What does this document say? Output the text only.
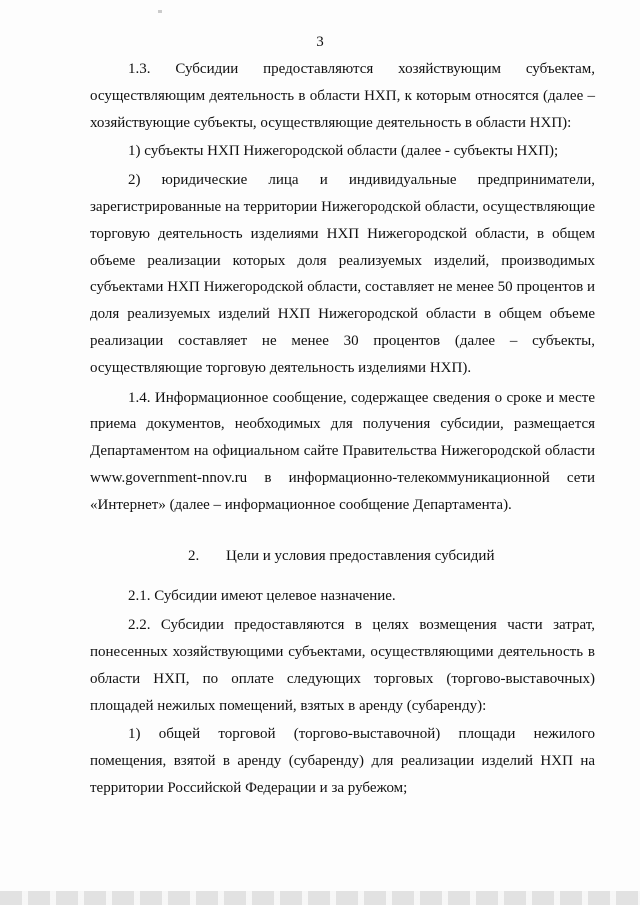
3

1.3. Субсидии предоставляются хозяйствующим субъектам, осуществляющим деятельность в области НХП, к которым относятся (далее – хозяйствующие субъекты, осуществляющие деятельность в области НХП):

1) субъекты НХП Нижегородской области (далее - субъекты НХП);

2) юридические лица и индивидуальные предприниматели, зарегистрированные на территории Нижегородской области, осуществляющие торговую деятельность изделиями НХП Нижегородской области, в общем объеме реализации которых доля реализуемых изделий, производимых субъектами НХП Нижегородской области, составляет не менее 50 процентов и доля реализуемых изделий НХП Нижегородской области в общем объеме реализации составляет не менее 30 процентов (далее – субъекты, осуществляющие торговую деятельность изделиями НХП).

1.4. Информационное сообщение, содержащее сведения о сроке и месте приема документов, необходимых для получения субсидии, размещается Департаментом на официальном сайте Правительства Нижегородской области www.government-nnov.ru в информационно-телекоммуникационной сети «Интернет» (далее – информационное сообщение Департамента).

2. Цели и условия предоставления субсидий

2.1. Субсидии имеют целевое назначение.

2.2. Субсидии предоставляются в целях возмещения части затрат, понесенных хозяйствующими субъектами, осуществляющими деятельность в области НХП, по оплате следующих торговых (торгово-выставочных) площадей нежилых помещений, взятых в аренду (субаренду):

1) общей торговой (торгово-выставочной) площади нежилого помещения, взятой в аренду (субаренду) для реализации изделий НХП на территории Российской Федерации и за рубежом;
